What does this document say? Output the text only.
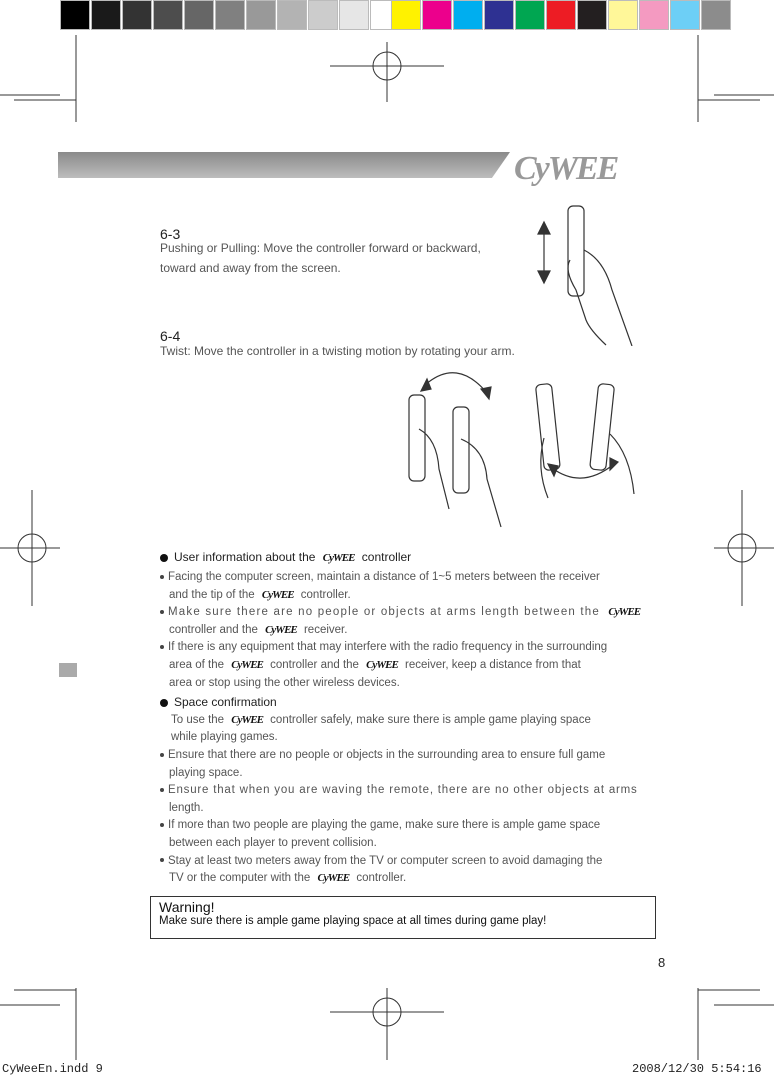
CyWEE
6-3
Pushing or Pulling: Move the controller forward or backward,
toward and away from the screen.
6-4
Twist: Move the controller in a twisting motion by rotating your arm.
User information about the CyWEE controller
Facing the computer screen, maintain a distance of 1~5 meters between the receiver
and the tip of the CyWEE controller.
Make sure there are no people or objects at arms length between the CyWEE
controller and the CyWEE receiver.
If there is any equipment that may interfere with the radio frequency in the surrounding
area of the CyWEE controller and the CyWEE receiver, keep a distance from that
area or stop using the other wireless devices.
Space confirmation
To use the CyWEE controller safely, make sure there is ample game playing space
while playing games.
Ensure that there are no people or objects in the surrounding area to ensure full game
playing space.
Ensure that when you are waving the remote, there are no other objects at arms
length.
If more than two people are playing the game, make sure there is ample game space
between each player to prevent collision.
Stay at least two meters away from the TV or computer screen to avoid damaging the
TV or the computer with the CyWEE controller.
Warning!
Make sure there is ample game playing space at all times during game play!
8
CyWeeEn.indd 9	2008/12/30 5:54:16
